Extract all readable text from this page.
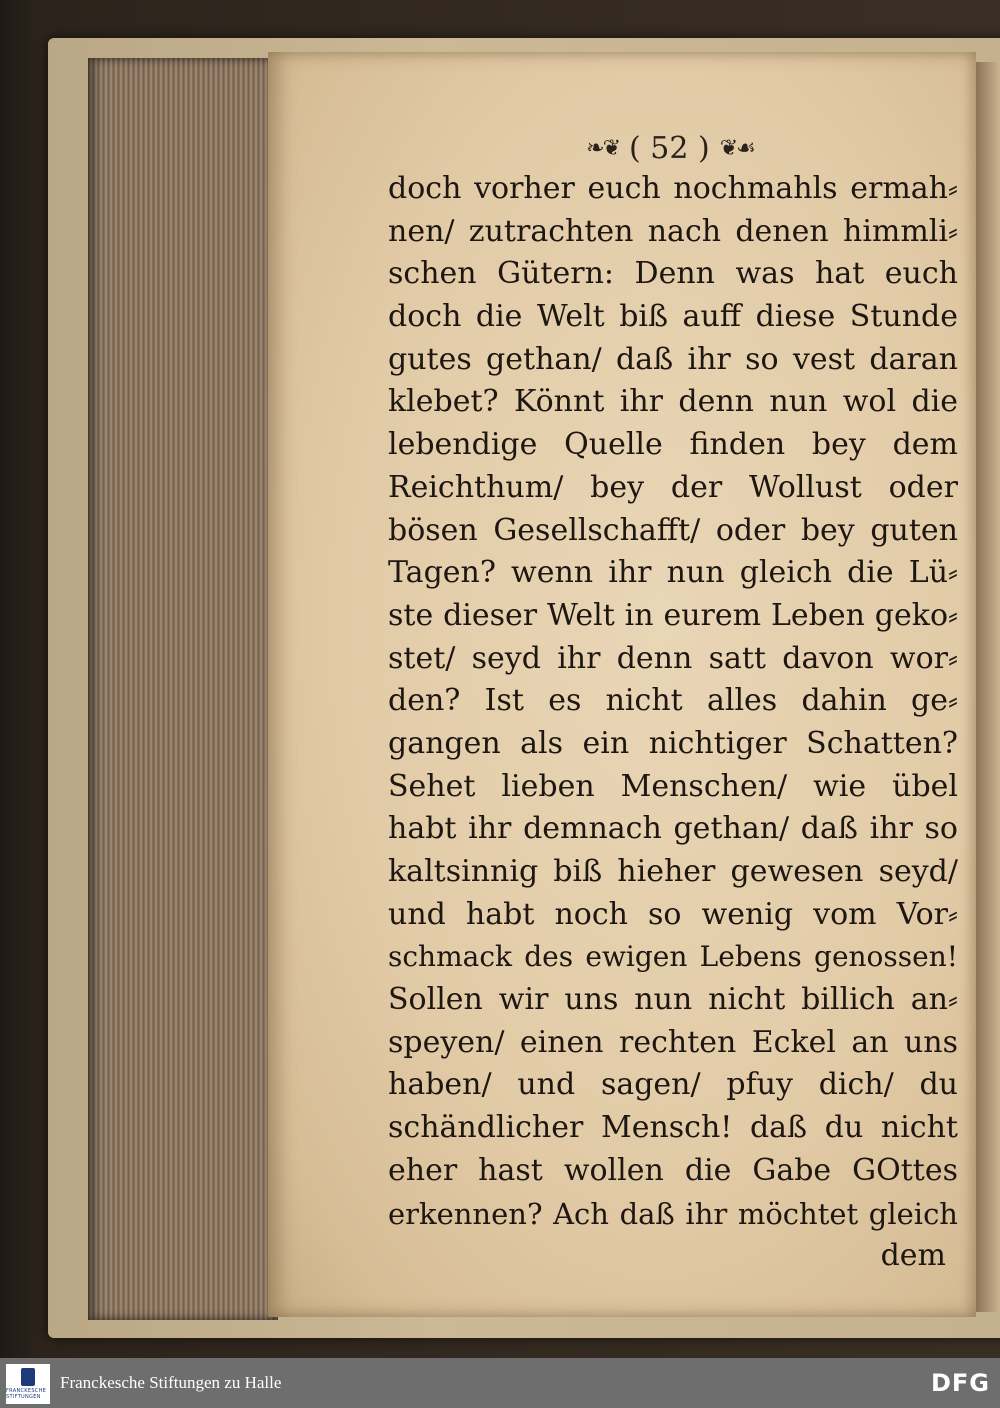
❧❦ ( 52 ) ❦☙
doch vorher euch nochmahls ermah⸗
nen/ zutrachten nach denen himmli⸗
schen Gütern: Denn was hat euch
doch die Welt biß auff diese Stunde
gutes gethan/ daß ihr so vest daran
klebet? Könnt ihr denn nun wol die
lebendige Quelle finden bey dem
Reichthum/ bey der Wollust oder
bösen Gesellschafft/ oder bey guten
Tagen? wenn ihr nun gleich die Lü⸗
ste dieser Welt in eurem Leben geko⸗
stet/ seyd ihr denn satt davon wor⸗
den? Ist es nicht alles dahin ge⸗
gangen als ein nichtiger Schatten?
Sehet lieben Menschen/ wie übel
habt ihr demnach gethan/ daß ihr so
kaltsinnig biß hieher gewesen seyd/
und habt noch so wenig vom Vor⸗
schmack des ewigen Lebens genossen!
Sollen wir uns nun nicht billich an⸗
speyen/ einen rechten Eckel an uns
haben/ und sagen/ pfuy dich/ du
schändlicher Mensch! daß du nicht
eher hast wollen die Gabe GOttes
erkennen? Ach daß ihr möchtet gleich
dem
FRANCKESCHE STIFTUNGEN
Franckesche Stiftungen zu Halle	DFG
